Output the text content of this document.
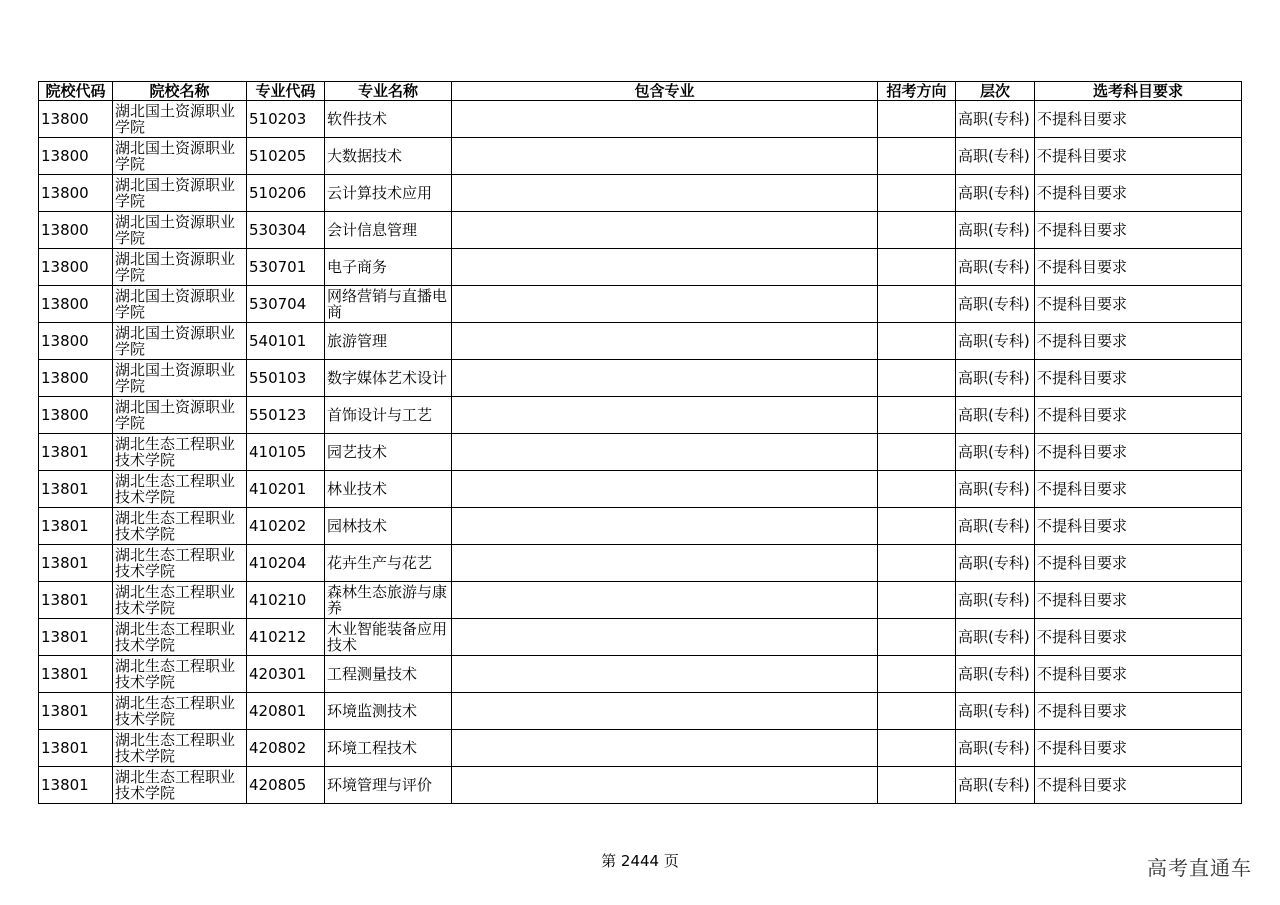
院校代码	院校名称	专业代码	专业名称	包含专业	招考方向	层次	选考科目要求
13800	湖北国土资源职业学院	510203	软件技术			高职(专科)	不提科目要求
13800	湖北国土资源职业学院	510205	大数据技术			高职(专科)	不提科目要求
13800	湖北国土资源职业学院	510206	云计算技术应用			高职(专科)	不提科目要求
13800	湖北国土资源职业学院	530304	会计信息管理			高职(专科)	不提科目要求
13800	湖北国土资源职业学院	530701	电子商务			高职(专科)	不提科目要求
13800	湖北国土资源职业学院	530704	网络营销与直播电商			高职(专科)	不提科目要求
13800	湖北国土资源职业学院	540101	旅游管理			高职(专科)	不提科目要求
13800	湖北国土资源职业学院	550103	数字媒体艺术设计			高职(专科)	不提科目要求
13800	湖北国土资源职业学院	550123	首饰设计与工艺			高职(专科)	不提科目要求
13801	湖北生态工程职业技术学院	410105	园艺技术			高职(专科)	不提科目要求
13801	湖北生态工程职业技术学院	410201	林业技术			高职(专科)	不提科目要求
13801	湖北生态工程职业技术学院	410202	园林技术			高职(专科)	不提科目要求
13801	湖北生态工程职业技术学院	410204	花卉生产与花艺			高职(专科)	不提科目要求
13801	湖北生态工程职业技术学院	410210	森林生态旅游与康养			高职(专科)	不提科目要求
13801	湖北生态工程职业技术学院	410212	木业智能装备应用技术			高职(专科)	不提科目要求
13801	湖北生态工程职业技术学院	420301	工程测量技术			高职(专科)	不提科目要求
13801	湖北生态工程职业技术学院	420801	环境监测技术			高职(专科)	不提科目要求
13801	湖北生态工程职业技术学院	420802	环境工程技术			高职(专科)	不提科目要求
13801	湖北生态工程职业技术学院	420805	环境管理与评价			高职(专科)	不提科目要求
第 2444 页	高考直通车
